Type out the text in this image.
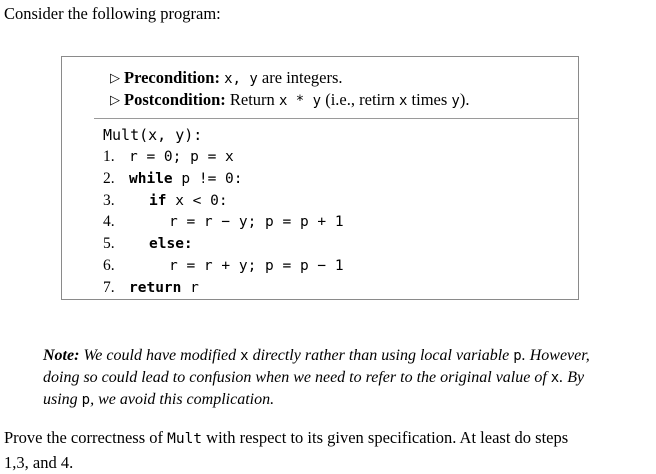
Consider the following program:
▷ Precondition: x, y are integers.
▷ Postcondition: Return x * y (i.e., retirn x times y).
Mult(x, y):
1. r = 0; p = x
2. while p != 0:
3. if x < 0:
4.	r = r − y; p = p + 1
5. else:
6.	r = r + y; p = p − 1
7. return r
Note: We could have modified x directly rather than using local variable p. However,
doing so could lead to confusion when we need to refer to the original value of x. By
using p, we avoid this complication.
Prove the correctness of Mult with respect to its given specification. At least do steps
1,3, and 4.
